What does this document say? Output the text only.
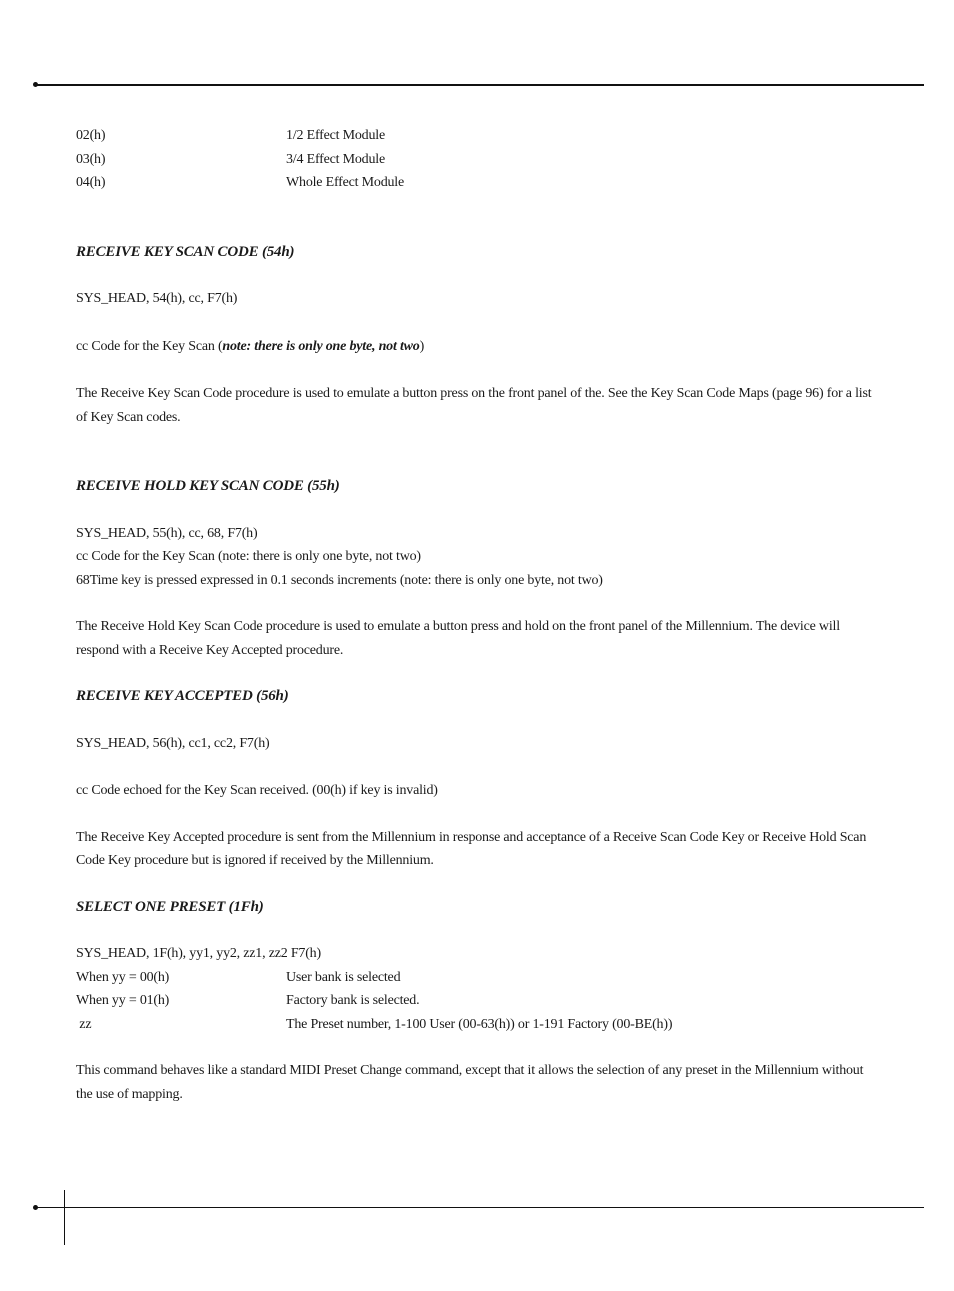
02(h)	1/2 Effect Module
03(h)	3/4 Effect Module
04(h)	Whole Effect Module
RECEIVE KEY SCAN CODE (54h)

SYS_HEAD, 54(h), cc, F7(h)

cc Code for the Key Scan (note: there is only one byte, not two)

The Receive Key Scan Code procedure is used to emulate a button press on the front panel of the. See the Key Scan Code Maps (page 96) for a list of Key Scan codes.

RECEIVE HOLD KEY SCAN CODE (55h)

SYS_HEAD, 55(h), cc, 68, F7(h)

cc Code for the Key Scan (note: there is only one byte, not two)

68Time key is pressed expressed in 0.1 seconds increments (note: there is only one byte, not two)

The Receive Hold Key Scan Code procedure is used to emulate a button press and hold on the front panel of the Millennium. The device will respond with a Receive Key Accepted procedure.

RECEIVE KEY ACCEPTED (56h)

SYS_HEAD, 56(h), cc1, cc2, F7(h)

cc Code echoed for the Key Scan received. (00(h) if key is invalid)

The Receive Key Accepted procedure is sent from the Millennium in response and acceptance of a Receive Scan Code Key or Receive Hold Scan Code Key procedure but is ignored if received by the Millennium.

SELECT ONE PRESET (1Fh)

SYS_HEAD, 1F(h), yy1, yy2, zz1, zz2 F7(h)

When yy = 00(h)	User bank is selected
When yy = 01(h)	Factory bank is selected.
zz	The Preset number, 1-100 User (00-63(h)) or 1-191 Factory (00-BE(h))

This command behaves like a standard MIDI Preset Change command, except that it allows the selection of any preset in the Millennium without the use of mapping.
